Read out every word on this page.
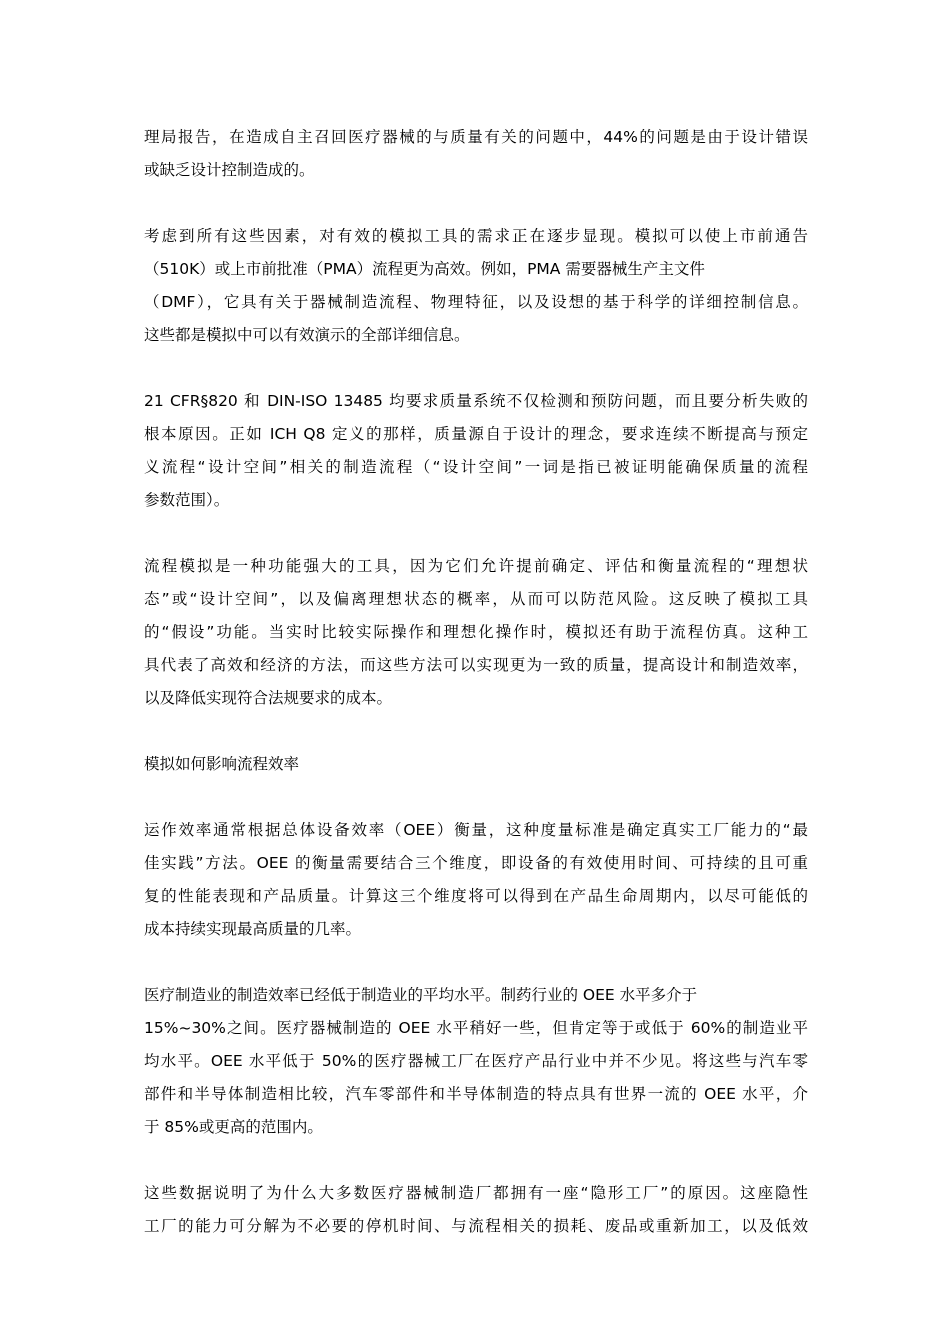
理局报告，在造成自主召回医疗器械的与质量有关的问题中，44%的问题是由于设计错误
或缺乏设计控制造成的。
考虑到所有这些因素，对有效的模拟工具的需求正在逐步显现。模拟可以使上市前通告
（510K）或上市前批准（PMA）流程更为高效。例如，PMA 需要器械生产主文件
（DMF），它具有关于器械制造流程、物理特征，以及设想的基于科学的详细控制信息。
这些都是模拟中可以有效演示的全部详细信息。
21 CFR§820 和 DIN-ISO 13485 均要求质量系统不仅检测和预防问题，而且要分析失败的
根本原因。正如 ICH Q8 定义的那样，质量源自于设计的理念，要求连续不断提高与预定
义流程“设计空间”相关的制造流程（“设计空间”一词是指已被证明能确保质量的流程
参数范围）。
流程模拟是一种功能强大的工具，因为它们允许提前确定、评估和衡量流程的“理想状
态”或“设计空间”，以及偏离理想状态的概率，从而可以防范风险。这反映了模拟工具
的“假设”功能。当实时比较实际操作和理想化操作时，模拟还有助于流程仿真。这种工
具代表了高效和经济的方法，而这些方法可以实现更为一致的质量，提高设计和制造效率，
以及降低实现符合法规要求的成本。
模拟如何影响流程效率
运作效率通常根据总体设备效率（OEE）衡量，这种度量标准是确定真实工厂能力的“最
佳实践”方法。OEE 的衡量需要结合三个维度，即设备的有效使用时间、可持续的且可重
复的性能表现和产品质量。计算这三个维度将可以得到在产品生命周期内，以尽可能低的
成本持续实现最高质量的几率。
医疗制造业的制造效率已经低于制造业的平均水平。制药行业的 OEE 水平多介于
15%~30%之间。医疗器械制造的 OEE 水平稍好一些，但肯定等于或低于 60%的制造业平
均水平。OEE 水平低于 50%的医疗器械工厂在医疗产品行业中并不少见。将这些与汽车零
部件和半导体制造相比较，汽车零部件和半导体制造的特点具有世界一流的 OEE 水平，介
于 85%或更高的范围内。
这些数据说明了为什么大多数医疗器械制造厂都拥有一座“隐形工厂”的原因。这座隐性
工厂的能力可分解为不必要的停机时间、与流程相关的损耗、废品或重新加工，以及低效
